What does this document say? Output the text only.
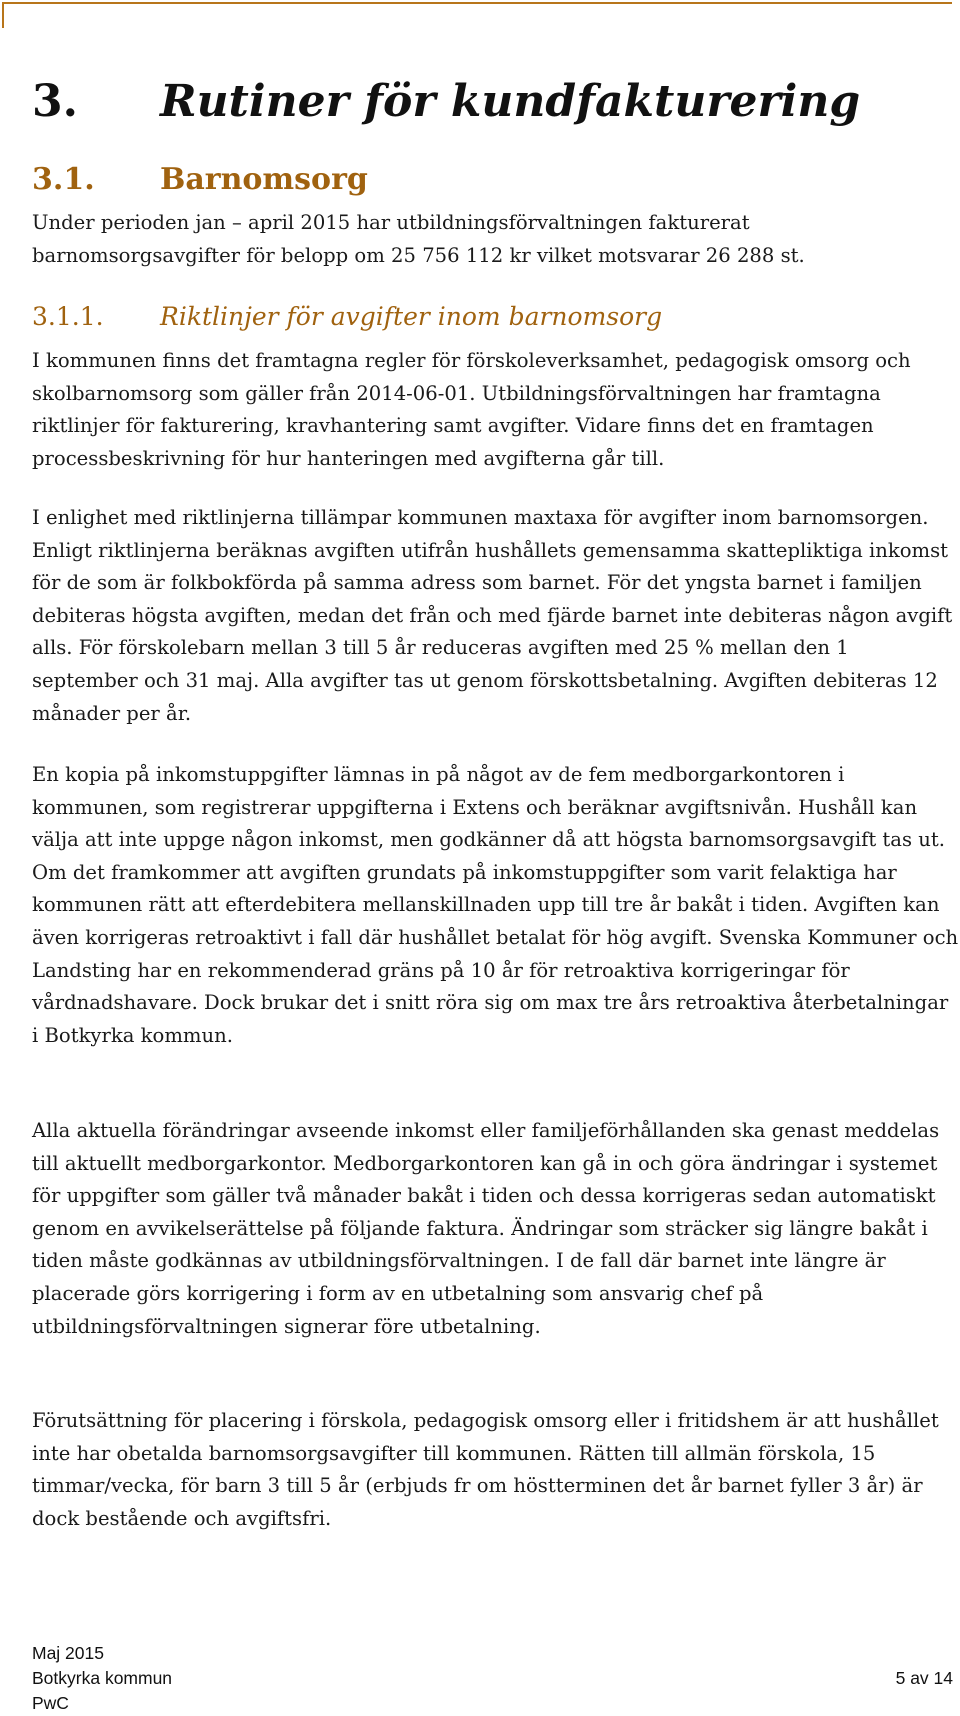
3. Rutiner för kundfakturering
3.1. Barnomsorg

Under perioden jan – april 2015 har utbildningsförvaltningen fakturerat barnomsorgsavgifter för belopp om 25 756 112 kr vilket motsvarar 26 288 st.

3.1.1. Riktlinjer för avgifter inom barnomsorg

I kommunen finns det framtagna regler för förskoleverksamhet, pedagogisk omsorg och skolbarnomsorg som gäller från 2014-06-01. Utbildningsförvaltningen har framtagna riktlinjer för fakturering, kravhantering samt avgifter. Vidare finns det en framtagen processbeskrivning för hur hanteringen med avgifterna går till.

I enlighet med riktlinjerna tillämpar kommunen maxtaxa för avgifter inom barnomsorgen. Enligt riktlinjerna beräknas avgiften utifrån hushållets gemensamma skattepliktiga inkomst för de som är folkbokförda på samma adress som barnet. För det yngsta barnet i familjen debiteras högsta avgiften, medan det från och med fjärde barnet inte debiteras någon avgift alls. För förskolebarn mellan 3 till 5 år reduceras avgiften med 25 % mellan den 1 september och 31 maj. Alla avgifter tas ut genom förskottsbetalning. Avgiften debiteras 12 månader per år.

En kopia på inkomstuppgifter lämnas in på något av de fem medborgarkontoren i kommunen, som registrerar uppgifterna i Extens och beräknar avgiftsnivån. Hushåll kan välja att inte uppge någon inkomst, men godkänner då att högsta barnomsorgsavgift tas ut. Om det framkommer att avgiften grundats på inkomstuppgifter som varit felaktiga har kommunen rätt att efterdebitera mellanskillnaden upp till tre år bakåt i tiden. Avgiften kan även korrigeras retroaktivt i fall där hushållet betalat för hög avgift. Svenska Kommuner och Landsting har en rekommenderad gräns på 10 år för retroaktiva korrigeringar för vårdnadshavare. Dock brukar det i snitt röra sig om max tre års retroaktiva återbetalningar i Botkyrka kommun.

Alla aktuella förändringar avseende inkomst eller familjeförhållanden ska genast meddelas till aktuellt medborgarkontor. Medborgarkontoren kan gå in och göra ändringar i systemet för uppgifter som gäller två månader bakåt i tiden och dessa korrigeras sedan automatiskt genom en avvikelserättelse på följande faktura. Ändringar som sträcker sig längre bakåt i tiden måste godkännas av utbildningsförvaltningen. I de fall där barnet inte längre är placerade görs korrigering i form av en utbetalning som ansvarig chef på utbildningsförvaltningen signerar före utbetalning.

Förutsättning för placering i förskola, pedagogisk omsorg eller i fritidshem är att hushållet inte har obetalda barnomsorgsavgifter till kommunen. Rätten till allmän förskola, 15 timmar/vecka, för barn 3 till 5 år (erbjuds fr om höstterminen det år barnet fyller 3 år) är dock bestående och avgiftsfri.

Maj 2015
Botkyrka kommun
PwC
5 av 14
